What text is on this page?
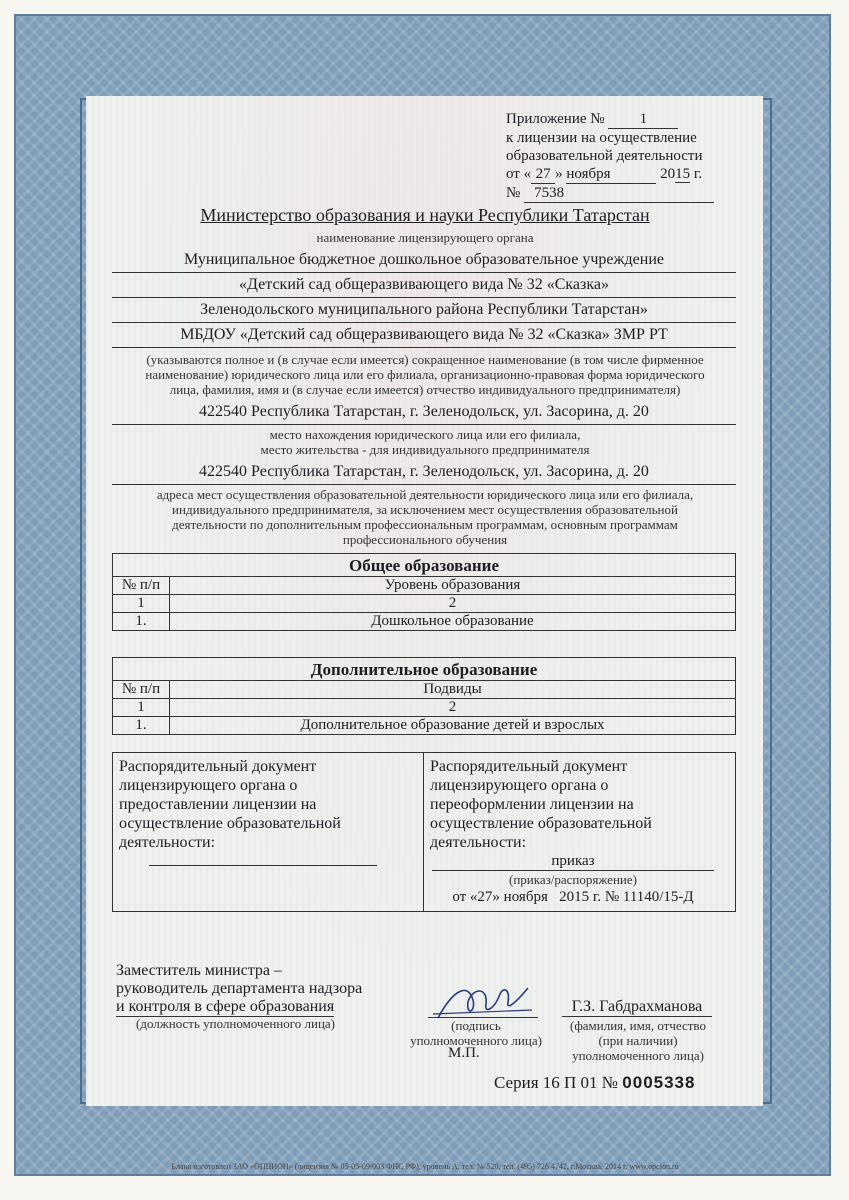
Приложение № 1
к лицензии на осуществление
образовательной деятельности
от « 27 » ноября	2015 г.
№ 7538
Министерство образования и науки Республики Татарстан
наименование лицензирующего органа
Муниципальное бюджетное дошкольное образовательное учреждение
«Детский сад общеразвивающего вида № 32 «Сказка»
Зеленодольского муниципального района Республики Татарстан»
МБДОУ «Детский сад общеразвивающего вида № 32 «Сказка» ЗМР РТ
(указываются полное и (в случае если имеется) сокращенное наименование (в том числе фирменное
наименование) юридического лица или его филиала, организационно-правовая форма юридического
лица, фамилия, имя и (в случае если имеется) отчество индивидуального предпринимателя)
422540 Республика Татарстан, г. Зеленодольск, ул. Засорина, д. 20
место нахождения юридического лица или его филиала,
место жительства - для индивидуального предпринимателя
422540 Республика Татарстан, г. Зеленодольск, ул. Засорина, д. 20
адреса мест осуществления образовательной деятельности юридического лица или его филиала,
индивидуального предпринимателя, за исключением мест осуществления образовательной
деятельности по дополнительным профессиональным программам, основным программам
профессионального обучения
Общее образование	
№ п/п	Уровень образования
1	2
1.	Дошкольное образование
Дополнительное образование	
№ п/п	Подвиды
1	2
1.	Дополнительное образование детей и взрослых
Распорядительный документ
лицензирующего органа о
предоставлении лицензии на
осуществление образовательной
деятельности:
Распорядительный документ
лицензирующего органа о
переоформлении лицензии на
осуществление образовательной
деятельности:
приказ
(приказ/распоряжение)
от «27» ноября   2015 г. № 11140/15-Д
Заместитель министра –
руководитель департамента надзора
и контроля в сфере образования
(должность уполномоченного лица)	(подпись
уполномоченного лица)
М.П.
Г.З. Габдрахманова
(фамилия, имя, отчество
(при наличии)
уполномоченного лица)
Серия 16 П 01 № 0005338
Бланк изготовлен ЗАО «ОПЦИОН» (лицензия № 05-05-09/003 ФНС РФ), уровень А, тел. № 520, тел. (495) 726 4742, г.Москва, 2014 г. www.opcion.ru
